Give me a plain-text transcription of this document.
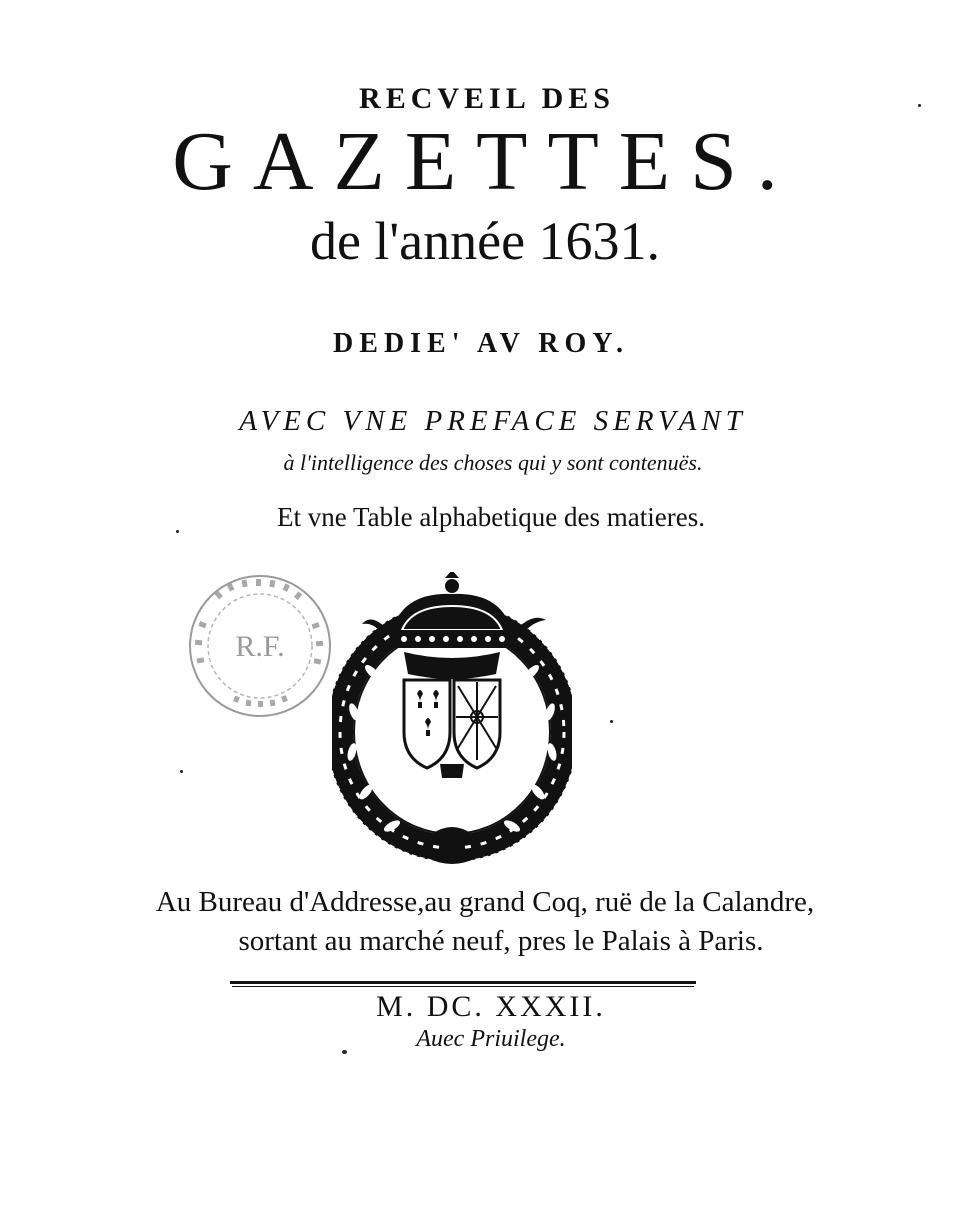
RECVEIL DES
GAZETTES.
de l'année 1631.
DEDIE' AV ROY.
AVEC VNE PREFACE SERVANT
à l'intelligence des choses qui y sont contenuës.
Et vne Table alphabetique des matieres.
R.F.
Au Bureau d'Addresse,au grand Coq, ruë de la Calandre,
sortant au marché neuf, pres le Palais à Paris.
M. DC. XXXII.
Auec Priuilege.
